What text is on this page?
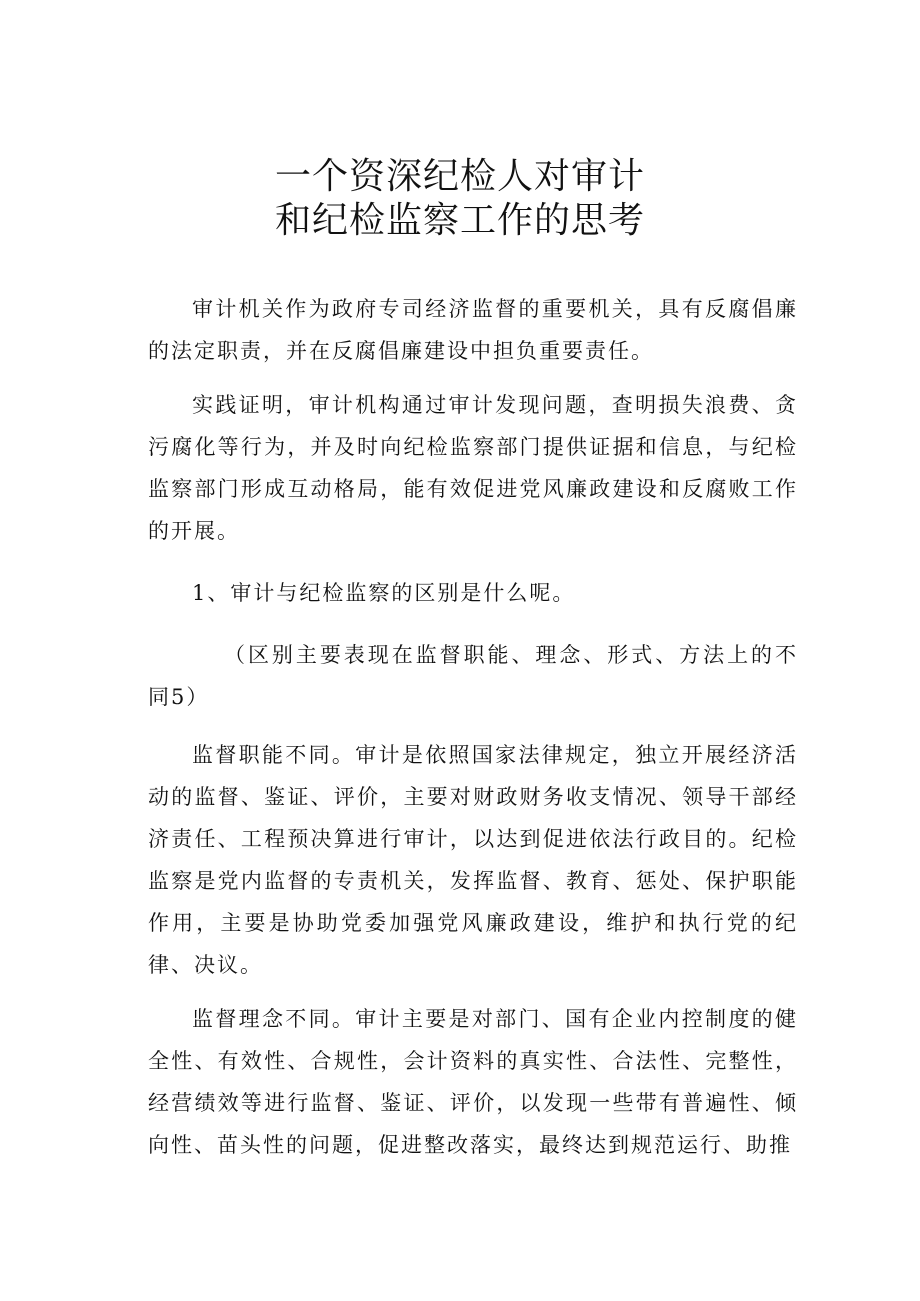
一个资深纪检人对审计
和纪检监察工作的思考

审计机关作为政府专司经济监督的重要机关，具有反腐倡廉的法定职责，并在反腐倡廉建设中担负重要责任。

实践证明，审计机构通过审计发现问题，查明损失浪费、贪污腐化等行为，并及时向纪检监察部门提供证据和信息，与纪检监察部门形成互动格局，能有效促进党风廉政建设和反腐败工作的开展。

1、审计与纪检监察的区别是什么呢。

（区别主要表现在监督职能、理念、形式、方法上的不同5）

监督职能不同。审计是依照国家法律规定，独立开展经济活动的监督、鉴证、评价，主要对财政财务收支情况、领导干部经济责任、工程预决算进行审计，以达到促进依法行政目的。纪检监察是党内监督的专责机关，发挥监督、教育、惩处、保护职能作用，主要是协助党委加强党风廉政建设，维护和执行党的纪律、决议。

监督理念不同。审计主要是对部门、国有企业内控制度的健全性、有效性、合规性，会计资料的真实性、合法性、完整性，经营绩效等进行监督、鉴证、评价，以发现一些带有普遍性、倾向性、苗头性的问题，促进整改落实，最终达到规范运行、助推
